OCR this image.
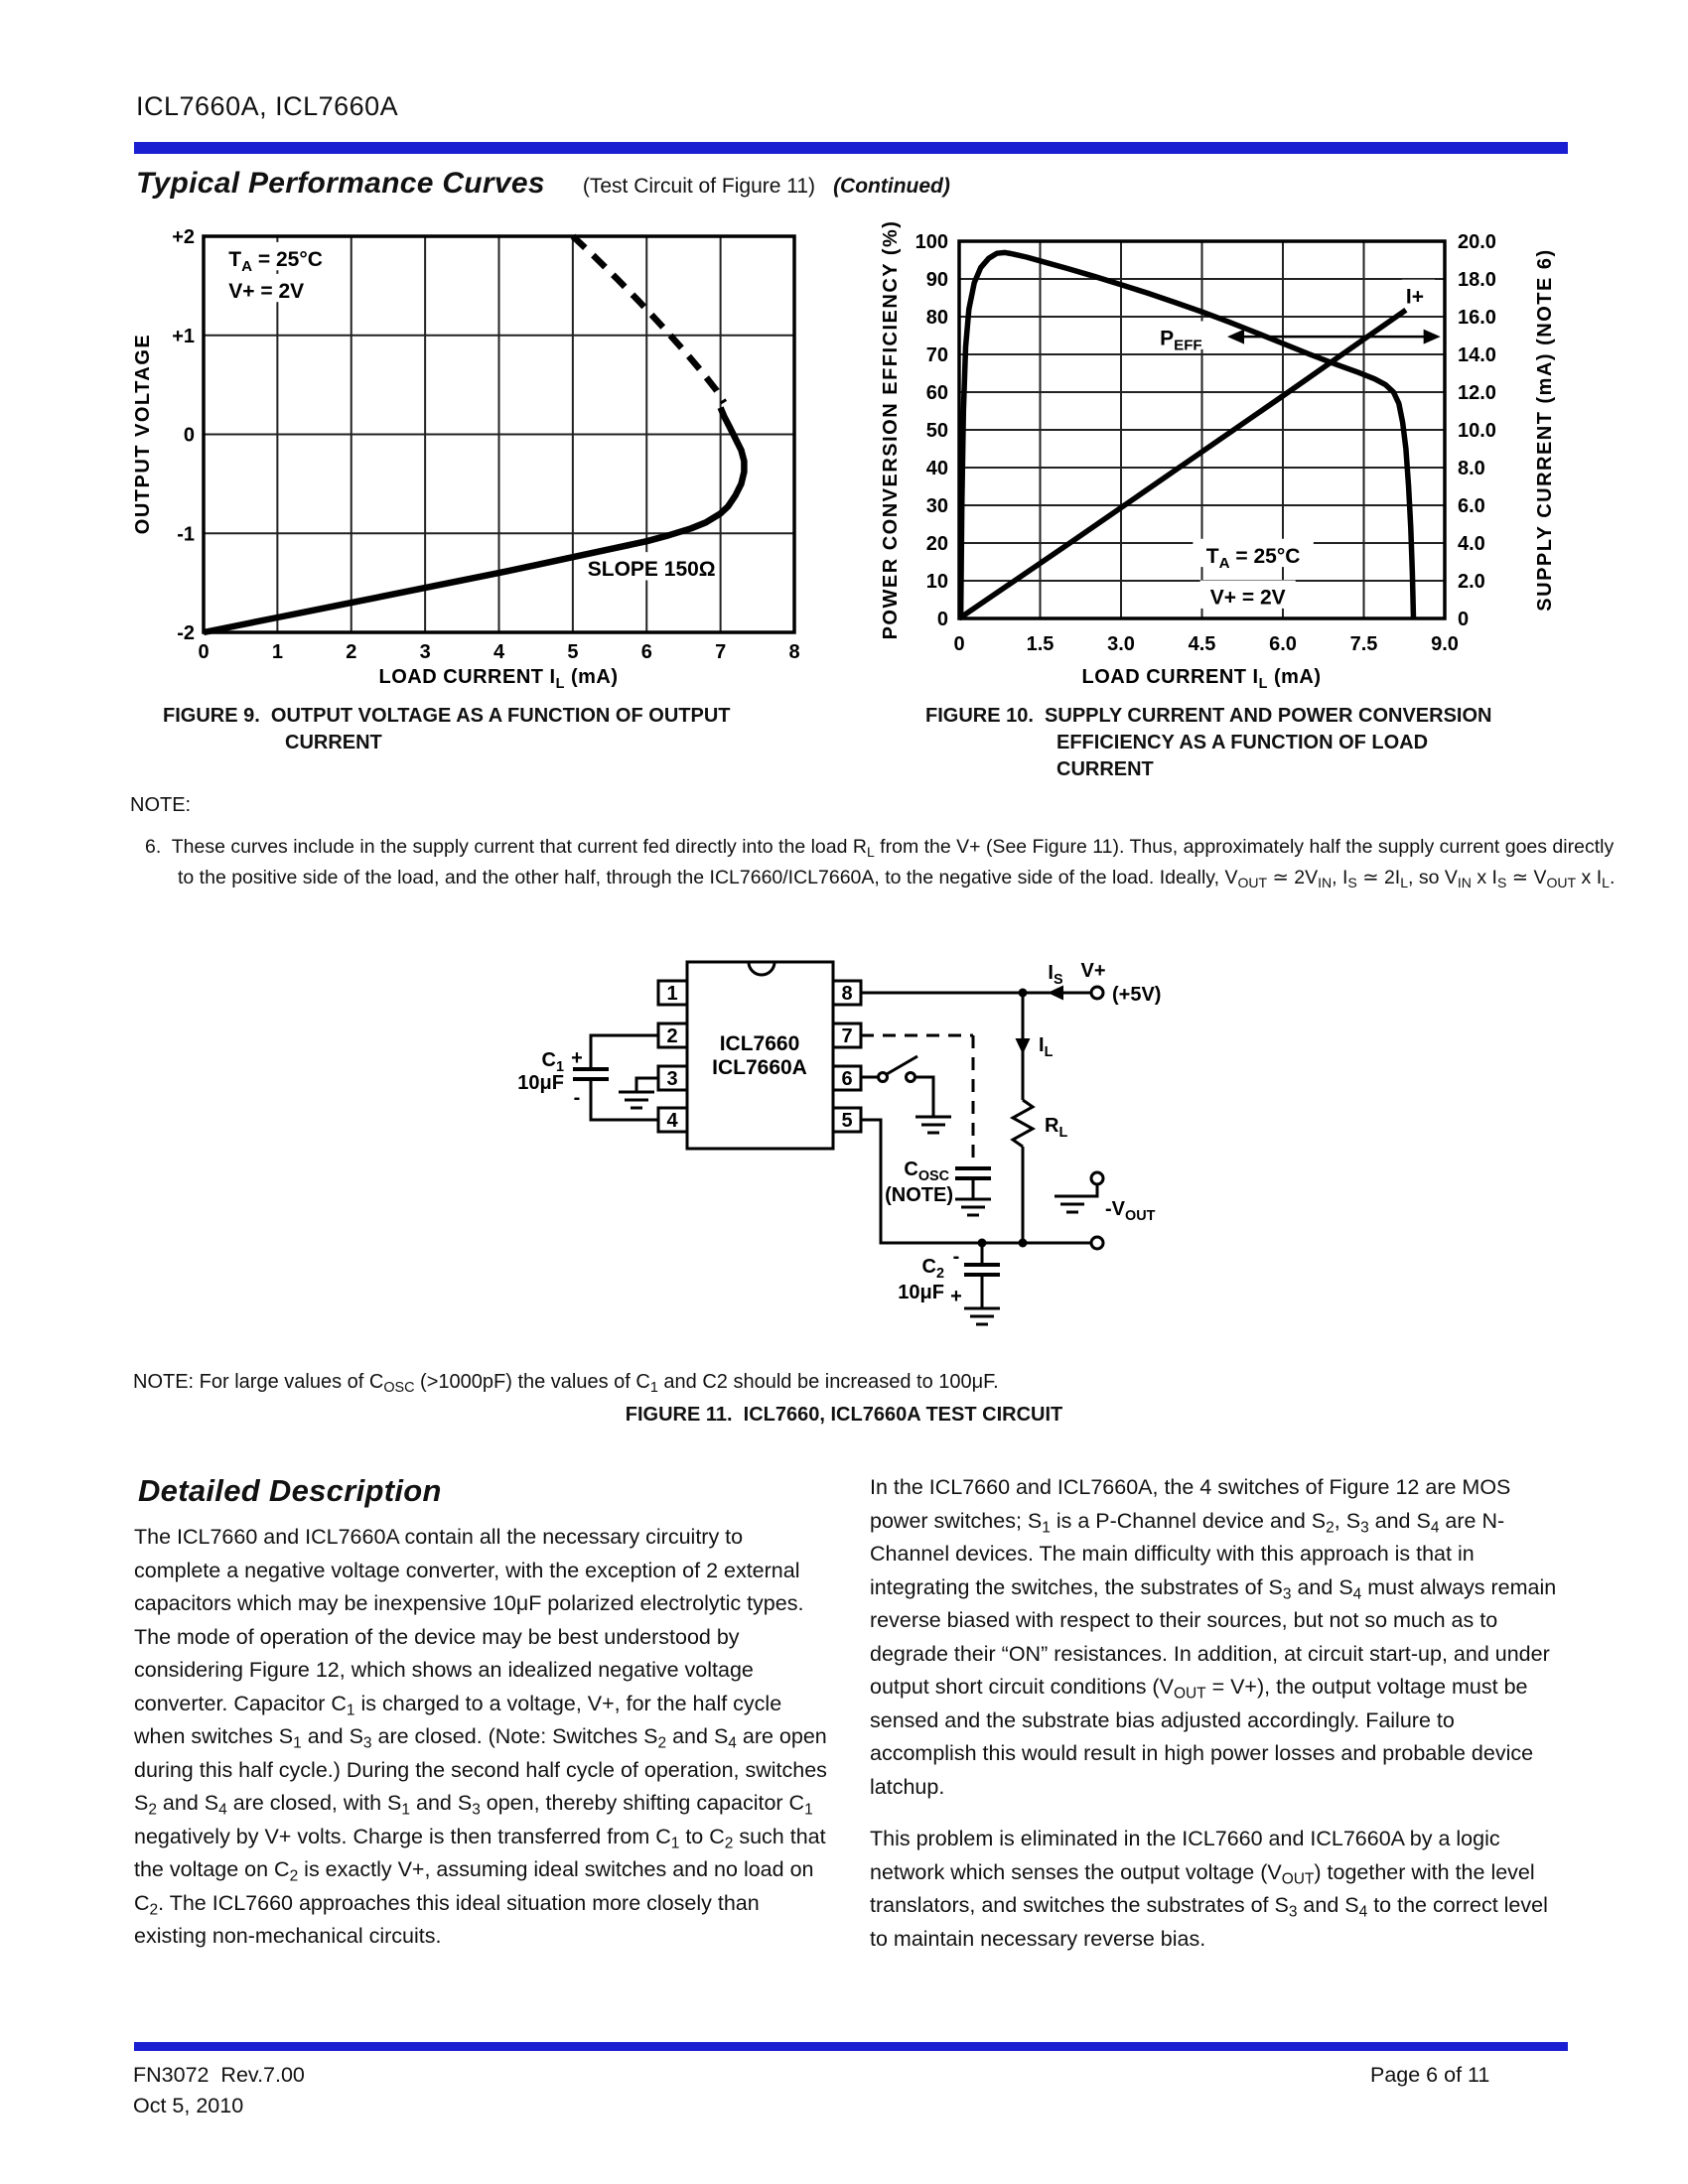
ICL7660A, ICL7660A
Typical Performance Curves (Test Circuit of Figure 11) (Continued)
$T_A = 25^\circ C$
V+ = 2V
SLOPE 150Ω
0	1	2	3	4	5	6	7	8
+2
+1
0
-1
-2
LOAD CURRENT $I_L$ (mA)
OUTPUT VOLTAGE	$P_{EFF}$
I+
$T_A = 25^\circ C$
V+ = 2V
0	1.5	3.0	4.5	6.0	7.5	9.0
100
90
80
70
60
50
40
30
20
10
0
20.0
18.0
16.0
14.0
12.0
10.0
8.0
6.0
4.0
2.0
0
LOAD CURRENT $I_L$ (mA)
POWER CONVERSION EFFICIENCY (%)	SUPPLY CURRENT (mA) (NOTE 6)
FIGURE 9.  OUTPUT VOLTAGE AS A FUNCTION OF OUTPUT
CURRENT
FIGURE 10.  SUPPLY CURRENT AND POWER CONVERSION
EFFICIENCY AS A FUNCTION OF LOAD
CURRENT
NOTE:
6. These curves include in the supply current that current fed directly into the load $R_L$ from the V+ (See Figure 11). Thus, approximately half the supply current goes directly to the positive side of the load, and the other half, through the ICL7660/ICL7660A, to the negative side of the load. Ideally, $V_{OUT}$ ≃ $2V_{IN}$, $I_S$ ≃ $2I_L$, so $V_{IN}$ x $I_S$ ≃ $V_{OUT}$ x $I_L$.
ICL7660
ICL7660A
1
2
3
4
8
7
6
5
$C_1$ +
10μF
-
$I_S$ V+
(+5V)
$I_L$
$R_L$
$C_{OSC}$
(NOTE)
$-V_{OUT}$
$C_2$
-
10μF +
NOTE: For large values of $C_{OSC}$ (>1000pF) the values of $C_1$ and C2 should be increased to 100μF.
FIGURE 11.  ICL7660, ICL7660A TEST CIRCUIT
Detailed Description

The ICL7660 and ICL7660A contain all the necessary circuitry to complete a negative voltage converter, with the exception of 2 external capacitors which may be inexpensive 10μF polarized electrolytic types. The mode of operation of the device may be best understood by considering Figure 12, which shows an idealized negative voltage converter. Capacitor $C_1$ is charged to a voltage, V+, for the half cycle when switches $S_1$ and $S_3$ are closed. (Note: Switches $S_2$ and $S_4$ are open during this half cycle.) During the second half cycle of operation, switches $S_2$ and $S_4$ are closed, with $S_1$ and $S_3$ open, thereby shifting capacitor $C_1$ negatively by V+ volts. Charge is then transferred from $C_1$ to $C_2$ such that the voltage on $C_2$ is exactly V+, assuming ideal switches and no load on $C_2$. The ICL7660 approaches this ideal situation more closely than existing non-mechanical circuits.

In the ICL7660 and ICL7660A, the 4 switches of Figure 12 are MOS power switches; $S_1$ is a P-Channel device and $S_2$, $S_3$ and $S_4$ are N-Channel devices. The main difficulty with this approach is that in integrating the switches, the substrates of $S_3$ and $S_4$ must always remain reverse biased with respect to their sources, but not so much as to degrade their “ON” resistances. In addition, at circuit start-up, and under output short circuit conditions $(V_{OUT} = V+)$, the output voltage must be sensed and the substrate bias adjusted accordingly. Failure to accomplish this would result in high power losses and probable device latchup.

This problem is eliminated in the ICL7660 and ICL7660A by a logic network which senses the output voltage $(V_{OUT})$ together with the level translators, and switches the substrates of $S_3$ and $S_4$ to the correct level to maintain necessary reverse bias.

FN3072  Rev.7.00
Oct 5, 2010
Page 6 of 11
